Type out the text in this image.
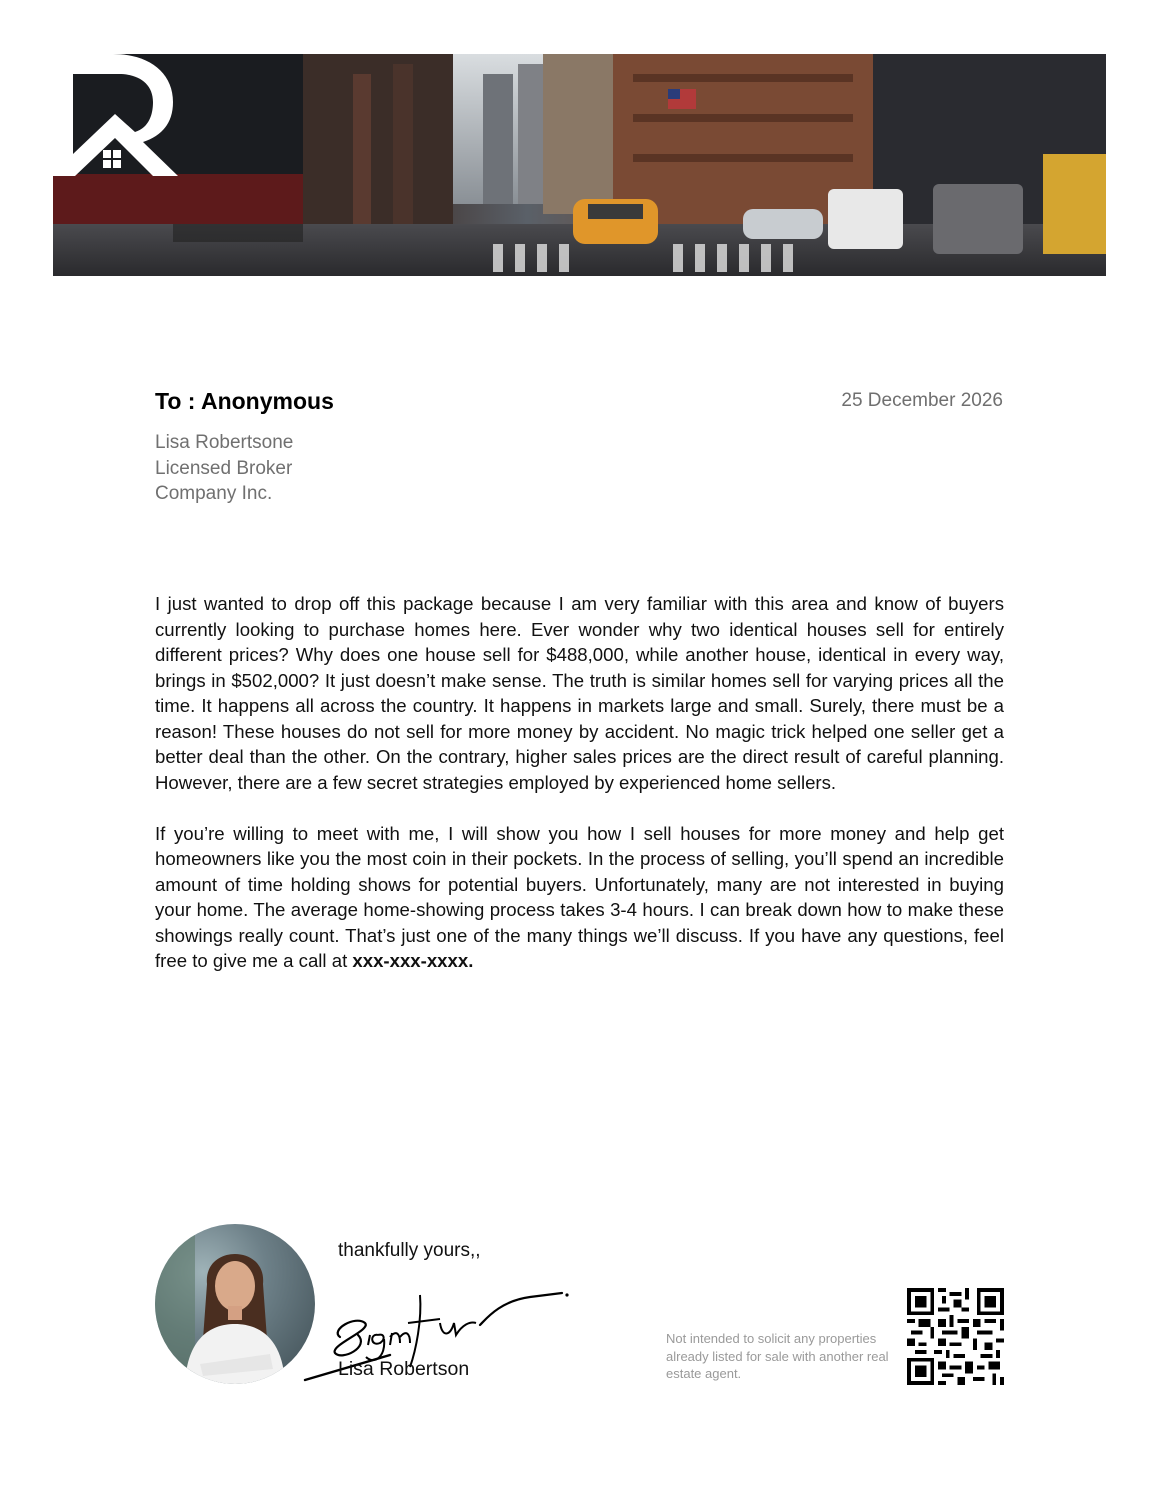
To : Anonymous	25 December 2026
Lisa Robertsone
Licensed Broker
Company Inc.

I just wanted to drop off this package because I am very familiar with this area and know of buyers currently looking to purchase homes here. Ever wonder why two identical houses sell for entirely different prices? Why does one house sell for $488,000, while another house, identical in every way, brings in $502,000? It just doesn’t make sense. The truth is similar homes sell for varying prices all the time. It happens all across the country. It happens in markets large and small. Surely, there must be a reason! These houses do not sell for more money by accident. No magic trick helped one seller get a better deal than the other. On the contrary, higher sales prices are the direct result of careful planning. However, there are a few secret strategies employed by experienced home sellers.

If you’re willing to meet with me, I will show you how I sell houses for more money and help get homeowners like you the most coin in their pockets. In the process of selling, you’ll spend an incredible amount of time holding shows for potential buyers. Unfortunately, many are not interested in buying your home. The average home-showing process takes 3-4 hours. I can break down how to make these showings really count. That’s just one of the many things we’ll discuss. If you have any questions, feel free to give me a call at xxx-xxx-xxxx.

thankfully yours,,
Lisa Robertson
Not intended to solicit any properties already listed for sale with another real estate agent.
